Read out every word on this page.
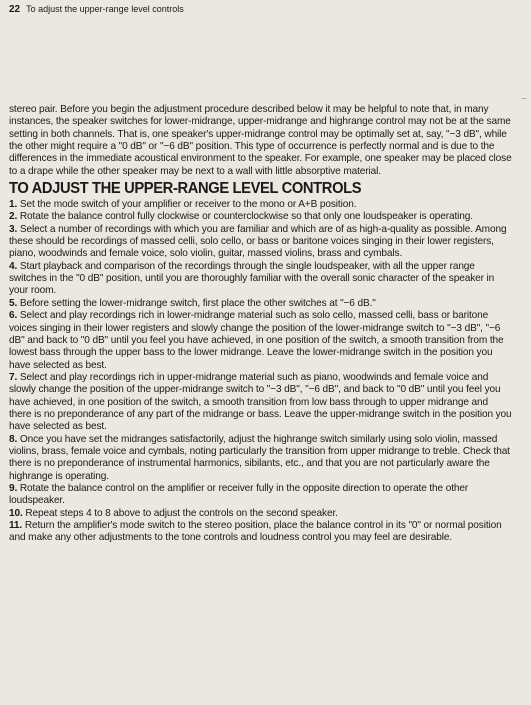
22 To adjust the upper-range level controls
~

stereo pair. Before you begin the adjustment procedure described below it may be helpful to note that, in many instances, the speaker switches for lower-midrange, upper-midrange and highrange control may not be at the same setting in both channels. That is, one speaker's upper-midrange control may be optimally set at, say, "−3 dB", while the other might require a "0 dB" or "−6 dB" position. This type of occurrence is perfectly normal and is due to the differences in the immediate acoustical environment to the speaker. For example, one speaker may be placed close to a drape while the other speaker may be next to a wall with little absorptive material.

TO ADJUST THE UPPER-RANGE LEVEL CONTROLS

1. Set the mode switch of your amplifier or receiver to the mono or A+B position.

2. Rotate the balance control fully clockwise or counterclockwise so that only one loudspeaker is operating.

3. Select a number of recordings with which you are familiar and which are of as high-a-quality as possible. Among these should be recordings of massed celli, solo cello, or bass or baritone voices singing in their lower registers, piano, woodwinds and female voice, solo violin, guitar, massed violins, brass and cymbals.

4. Start playback and comparison of the recordings through the single loudspeaker, with all the upper range switches in the "0 dB" position, until you are thoroughly familiar with the overall sonic character of the speaker in your room.

5. Before setting the lower-midrange switch, first place the other switches at "−6 dB."

6. Select and play recordings rich in lower-midrange material such as solo cello, massed celli, bass or baritone voices singing in their lower registers and slowly change the position of the lower-midrange switch to "−3 dB", "−6 dB" and back to "0 dB" until you feel you have achieved, in one position of the switch, a smooth transition from the lowest bass through the upper bass to the lower midrange. Leave the lower-midrange switch in the position you have selected as best.

7. Select and play recordings rich in upper-midrange material such as piano, woodwinds and female voice and slowly change the position of the upper-midrange switch to "−3 dB", "−6 dB", and back to "0 dB" until you feel you have achieved, in one position of the switch, a smooth transition from low bass through to upper midrange and there is no preponderance of any part of the midrange or bass. Leave the upper-midrange switch in the position you have selected as best.

8. Once you have set the midranges satisfactorily, adjust the highrange switch similarly using solo violin, massed violins, brass, female voice and cymbals, noting particularly the transition from upper midrange to treble. Check that there is no preponderance of instrumental harmonics, sibilants, etc., and that you are not particularly aware the highrange is operating.

9. Rotate the balance control on the amplifier or receiver fully in the opposite direction to operate the other loudspeaker.

10. Repeat steps 4 to 8 above to adjust the controls on the second speaker.

11. Return the amplifier's mode switch to the stereo position, place the balance control in its "0" or normal position and make any other adjustments to the tone controls and loudness control you may feel are desirable.
